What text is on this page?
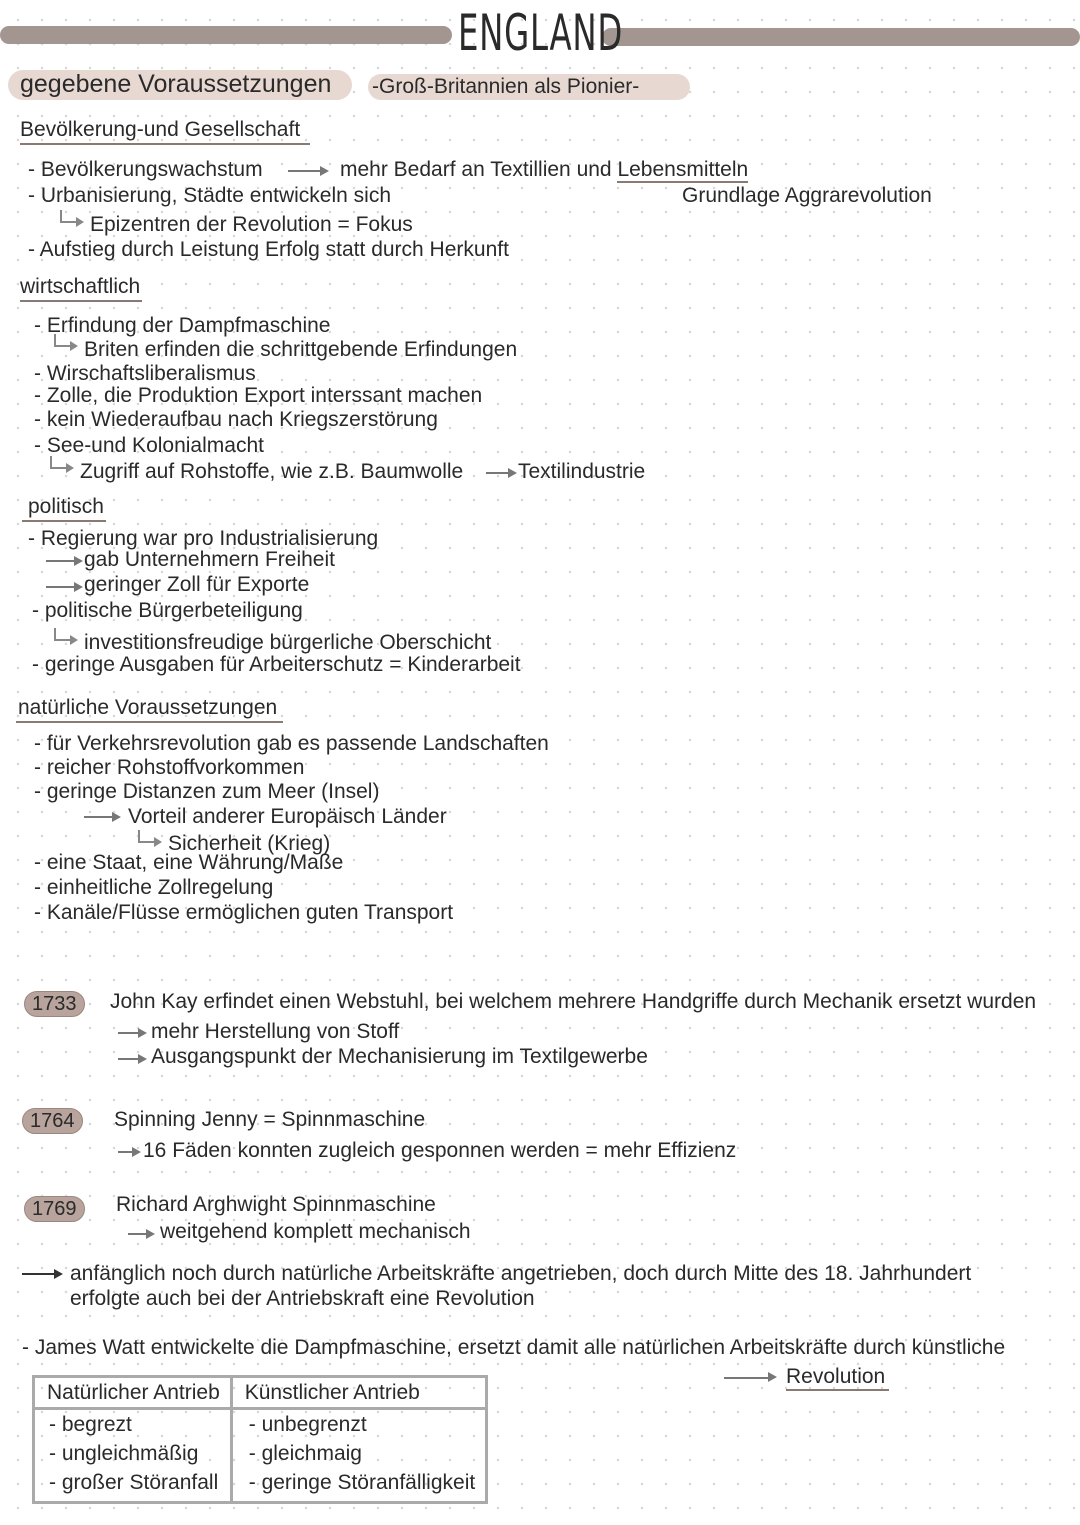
ENGLAND
gegebene Voraussetzungen -Groß-Britannien als Pionier-
Bevölkerung-und Gesellschaft
- Bevölkerungswachstum	mehr Bedarf an Textillien und Lebensmitteln
Grundlage Aggrarevolution
- Urbanisierung, Städte entwickeln sich
Epizentren der Revolution = Fokus
- Aufstieg durch Leistung Erfolg statt durch Herkunft
wirtschaftlich
- Erfindung der Dampfmaschine
Briten erfinden die schrittgebende Erfindungen
- Wirschaftsliberalismus
- Zolle, die Produktion Export interssant machen
- kein Wiederaufbau nach Kriegszerstörung
- See-und Kolonialmacht
Zugriff auf Rohstoffe, wie z.B. Baumwolle	Textilindustrie
politisch
- Regierung war pro Industrialisierung
gab Unternehmern Freiheit
geringer Zoll für Exporte
- politische Bürgerbeteiligung
investitionsfreudige bürgerliche Oberschicht
- geringe Ausgaben für Arbeiterschutz = Kinderarbeit
natürliche Voraussetzungen
- für Verkehrsrevolution gab es passende Landschaften
- reicher Rohstoffvorkommen
- geringe Distanzen zum Meer (Insel)
Vorteil anderer Europäisch Länder
Sicherheit (Krieg)
- eine Staat, eine Währung/Maße
- einheitliche Zollregelung
- Kanäle/Flüsse ermöglichen guten Transport
1733	John Kay erfindet einen Webstuhl, bei welchem mehrere Handgriffe durch Mechanik ersetzt wurden
mehr Herstellung von Stoff
Ausgangspunkt der Mechanisierung im Textilgewerbe
1764	Spinning Jenny = Spinnmaschine
16 Fäden konnten zugleich gesponnen werden = mehr Effizienz
1769	Richard Arghwight Spinnmaschine
weitgehend komplett mechanisch
anfänglich noch durch natürliche Arbeitskräfte angetrieben, doch durch Mitte des 18. Jahrhundert
erfolgte auch bei der Antriebskraft eine Revolution
- James Watt entwickelte die Dampfmaschine, ersetzt damit alle natürlichen Arbeitskräfte durch künstliche
Revolution
Natürlicher Antrieb	Künstlicher Antrieb
- begrezt	- unbegrenzt
- ungleichmäßig	- gleichmaig
- großer Störanfall	- geringe Störanfälligkeit
